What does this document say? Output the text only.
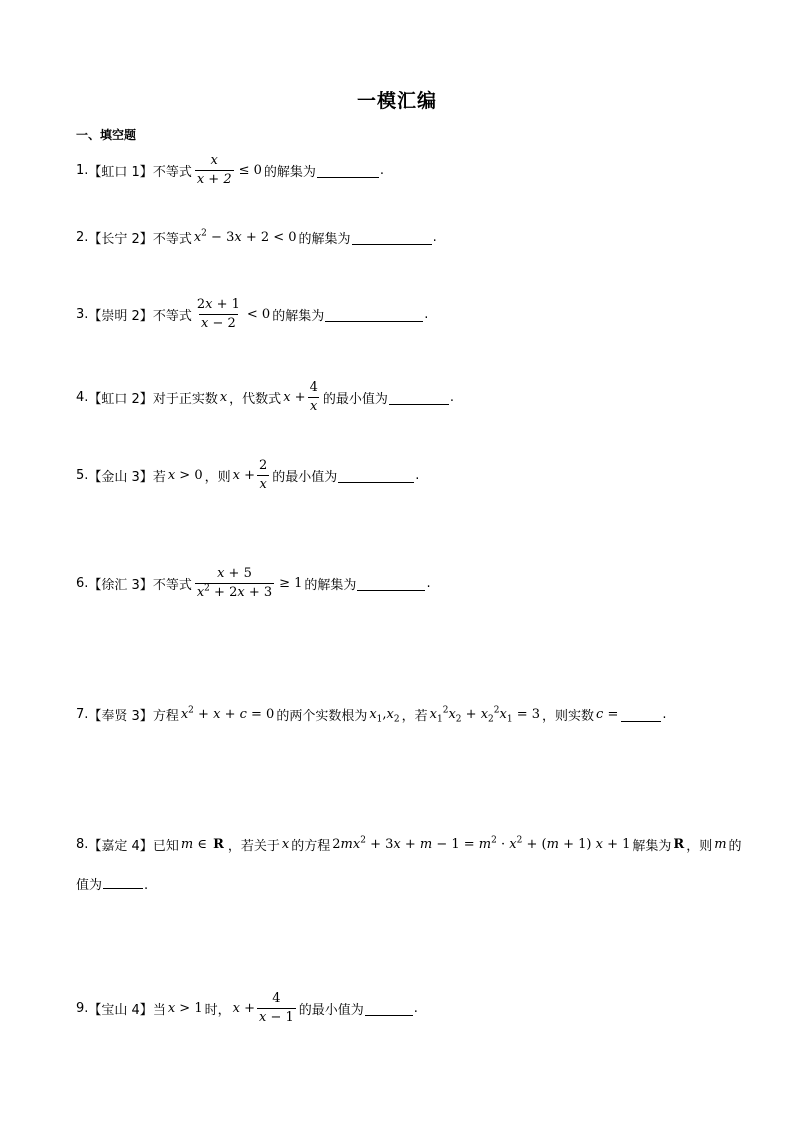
一模汇编
一、填空题
1. 【虹口 1】 不等式 $\frac{x}{x + 2} \le 0$ 的解集为	.
2. 【长宁 2】 不等式 $x^2 - 3x + 2 < 0$ 的解集为	.
3. 【崇明 2】 不等式 $\frac{2x + 1}{x - 2} < 0$ 的解集为	.
4. 【虹口 2】 对于正实数 x ，代数式 $x + \frac{4}{x}$ 的最小值为	.
5. 【金山 3】 若 x > 0 ，则 $x + \frac{2}{x}$ 的最小值为	.
6. 【徐汇 3】 不等式 $\frac{x + 5}{x^2 + 2x + 3} \ge 1$ 的解集为	.
7. 【奉贤 3】 方程 $x^2 + x + c = 0$ 的两个实数根为 $x_1,x_2$ ，若 $x_1^2x_2 + x_2^2x_1 = 3$ ，则实数 c =	.
8. 【嘉定 4】 已知 m ∈ R ，若关于 x 的方程 $2mx^2 + 3x + m - 1 = m^2 \cdot x^2 + (m + 1) x + 1$ 解集为 R ，则 m 的
值为	.
9. 【宝山 4】 当 x > 1 时， $x + \frac{4}{x - 1}$ 的最小值为	.
